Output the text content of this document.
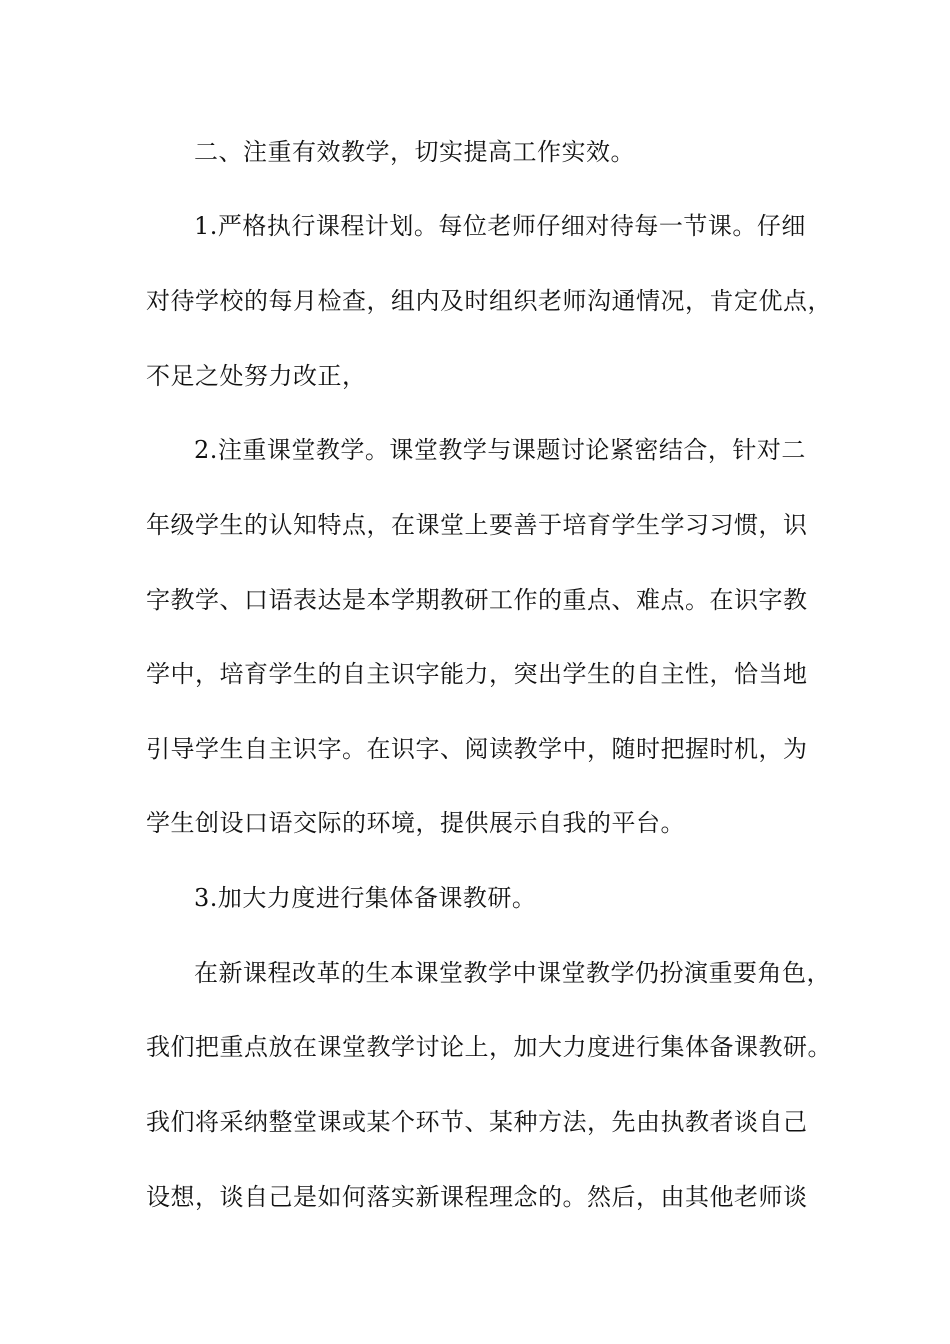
二、注重有效教学，切实提高工作实效。
1.严格执行课程计划。每位老师仔细对待每一节课。仔细
对待学校的每月检查，组内及时组织老师沟通情况，肯定优点，
不足之处努力改正，
2.注重课堂教学。课堂教学与课题讨论紧密结合，针对二
年级学生的认知特点，在课堂上要善于培育学生学习习惯，识
字教学、口语表达是本学期教研工作的重点、难点。在识字教
学中，培育学生的自主识字能力，突出学生的自主性，恰当地
引导学生自主识字。在识字、阅读教学中，随时把握时机，为
学生创设口语交际的环境，提供展示自我的平台。
3.加大力度进行集体备课教研。
在新课程改革的生本课堂教学中课堂教学仍扮演重要角色，
我们把重点放在课堂教学讨论上，加大力度进行集体备课教研。
我们将采纳整堂课或某个环节、某种方法，先由执教者谈自己
设想，谈自己是如何落实新课程理念的。然后，由其他老师谈
